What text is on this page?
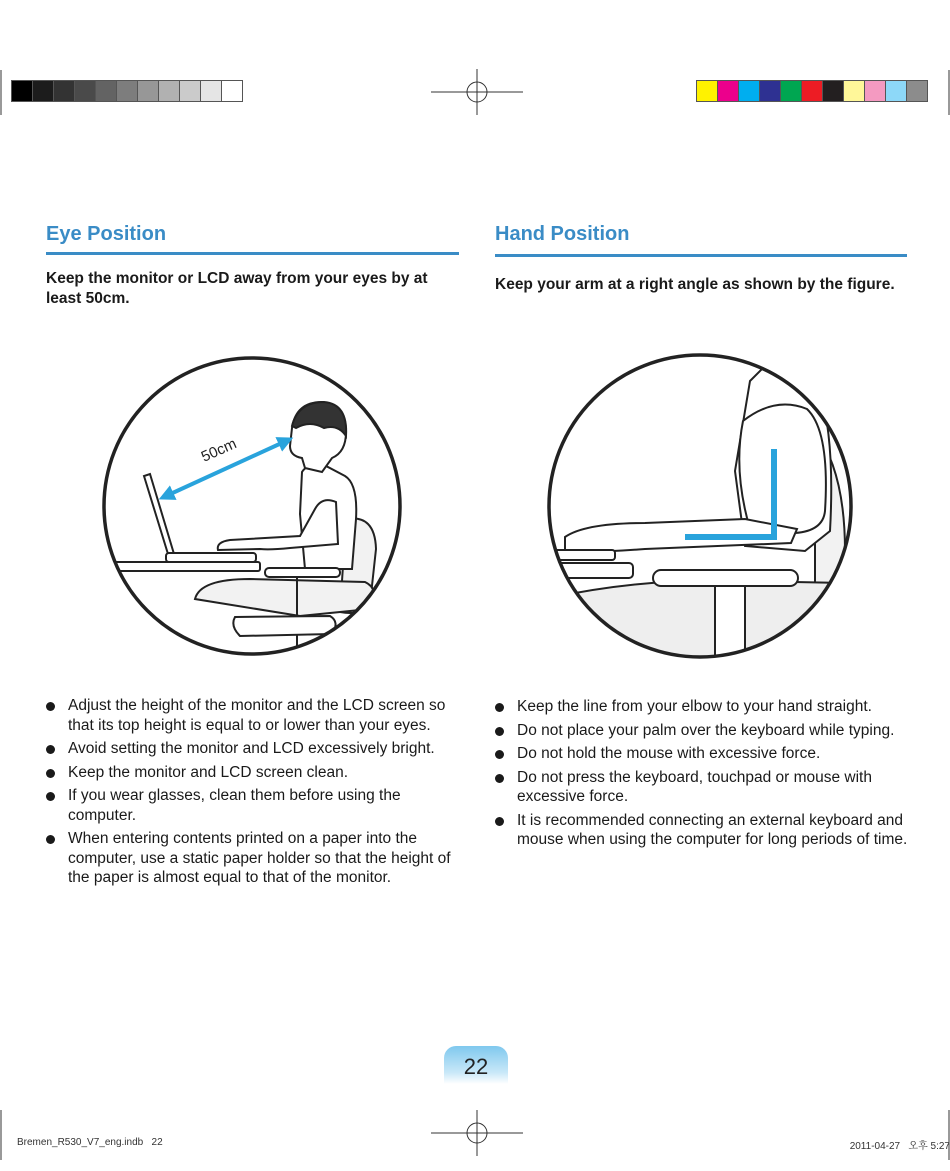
Eye Position
Keep the monitor or LCD away from your eyes by at least 50cm.
50cm
Adjust the height of the monitor and the LCD screen so that its top height is equal to or lower than your eyes.
Avoid setting the monitor and LCD excessively bright.
Keep the monitor and LCD screen clean.
If you wear glasses, clean them before using the computer.
When entering contents printed on a paper into the computer, use a static paper holder so that the height of the paper is almost equal to that of the monitor.
Hand Position
Keep your arm at a right angle as shown by the figure.
Keep the line from your elbow to your hand straight.
Do not place your palm over the keyboard while typing.
Do not hold the mouse with excessive force.
Do not press the keyboard, touchpad or mouse with excessive force.
It is recommended connecting an external keyboard and mouse when using the computer for long periods of time.
22
Bremen_R530_V7_eng.indb   22	2011-04-27   오후 5:27
